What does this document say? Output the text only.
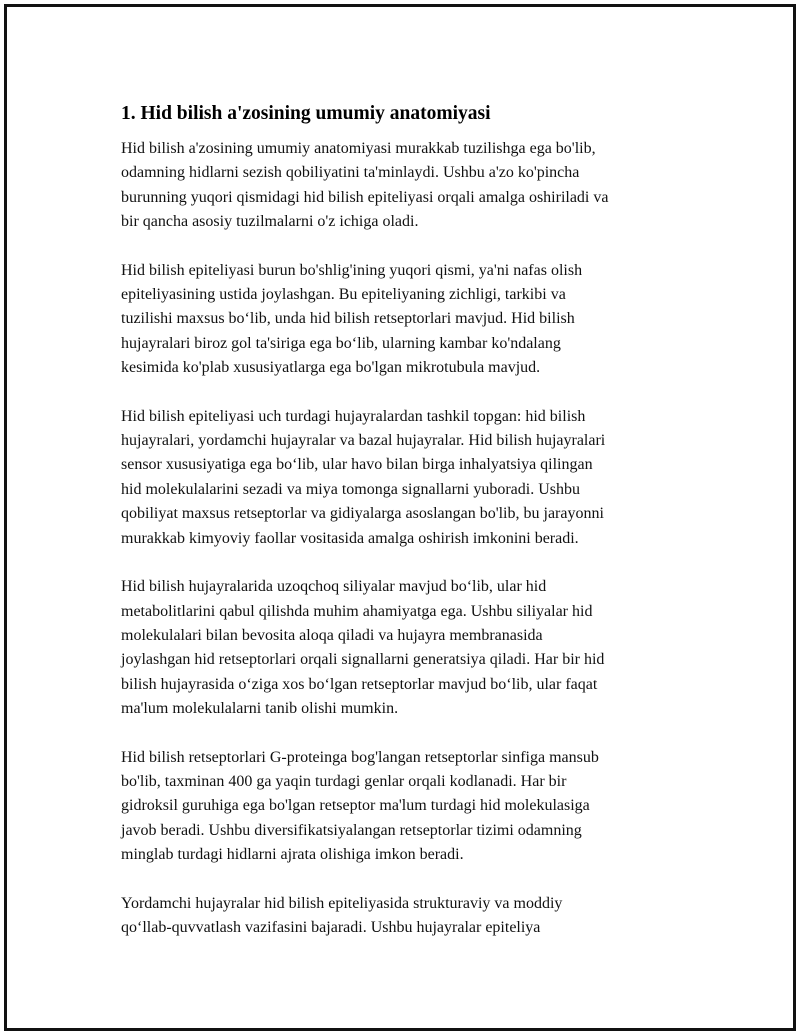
1. Hid bilish a'zosining umumiy anatomiyasi

Hid bilish a'zosining umumiy anatomiyasi murakkab tuzilishga ega bo'lib,
odamning hidlarni sezish qobiliyatini ta'minlaydi. Ushbu a'zo ko'pincha
burunning yuqori qismidagi hid bilish epiteliyasi orqali amalga oshiriladi va
bir qancha asosiy tuzilmalarni o'z ichiga oladi.

Hid bilish epiteliyasi burun bo'shlig'ining yuqori qismi, ya'ni nafas olish
epiteliyasining ustida joylashgan. Bu epiteliyaning zichligi, tarkibi va
tuzilishi maxsus bo‘lib, unda hid bilish retseptorlari mavjud. Hid bilish
hujayralari biroz gol ta'siriga ega bo‘lib, ularning kambar ko'ndalang
kesimida ko'plab xususiyatlarga ega bo'lgan mikrotubula mavjud.

Hid bilish epiteliyasi uch turdagi hujayralardan tashkil topgan: hid bilish
hujayralari, yordamchi hujayralar va bazal hujayralar. Hid bilish hujayralari
sensor xususiyatiga ega bo‘lib, ular havo bilan birga inhalyatsiya qilingan
hid molekulalarini sezadi va miya tomonga signallarni yuboradi. Ushbu
qobiliyat maxsus retseptorlar va gidiyalarga asoslangan bo'lib, bu jarayonni
murakkab kimyoviy faollar vositasida amalga oshirish imkonini beradi.

Hid bilish hujayralarida uzoqchoq siliyalar mavjud bo‘lib, ular hid
metabolitlarini qabul qilishda muhim ahamiyatga ega. Ushbu siliyalar hid
molekulalari bilan bevosita aloqa qiladi va hujayra membranasida
joylashgan hid retseptorlari orqali signallarni generatsiya qiladi. Har bir hid
bilish hujayrasida o‘ziga xos bo‘lgan retseptorlar mavjud bo‘lib, ular faqat
ma'lum molekulalarni tanib olishi mumkin.

Hid bilish retseptorlari G-proteinga bog'langan retseptorlar sinfiga mansub
bo'lib, taxminan 400 ga yaqin turdagi genlar orqali kodlanadi. Har bir
gidroksil guruhiga ega bo'lgan retseptor ma'lum turdagi hid molekulasiga
javob beradi. Ushbu diversifikatsiyalangan retseptorlar tizimi odamning
minglab turdagi hidlarni ajrata olishiga imkon beradi.

Yordamchi hujayralar hid bilish epiteliyasida strukturaviy va moddiy
qo‘llab-quvvatlash vazifasini bajaradi. Ushbu hujayralar epiteliya
